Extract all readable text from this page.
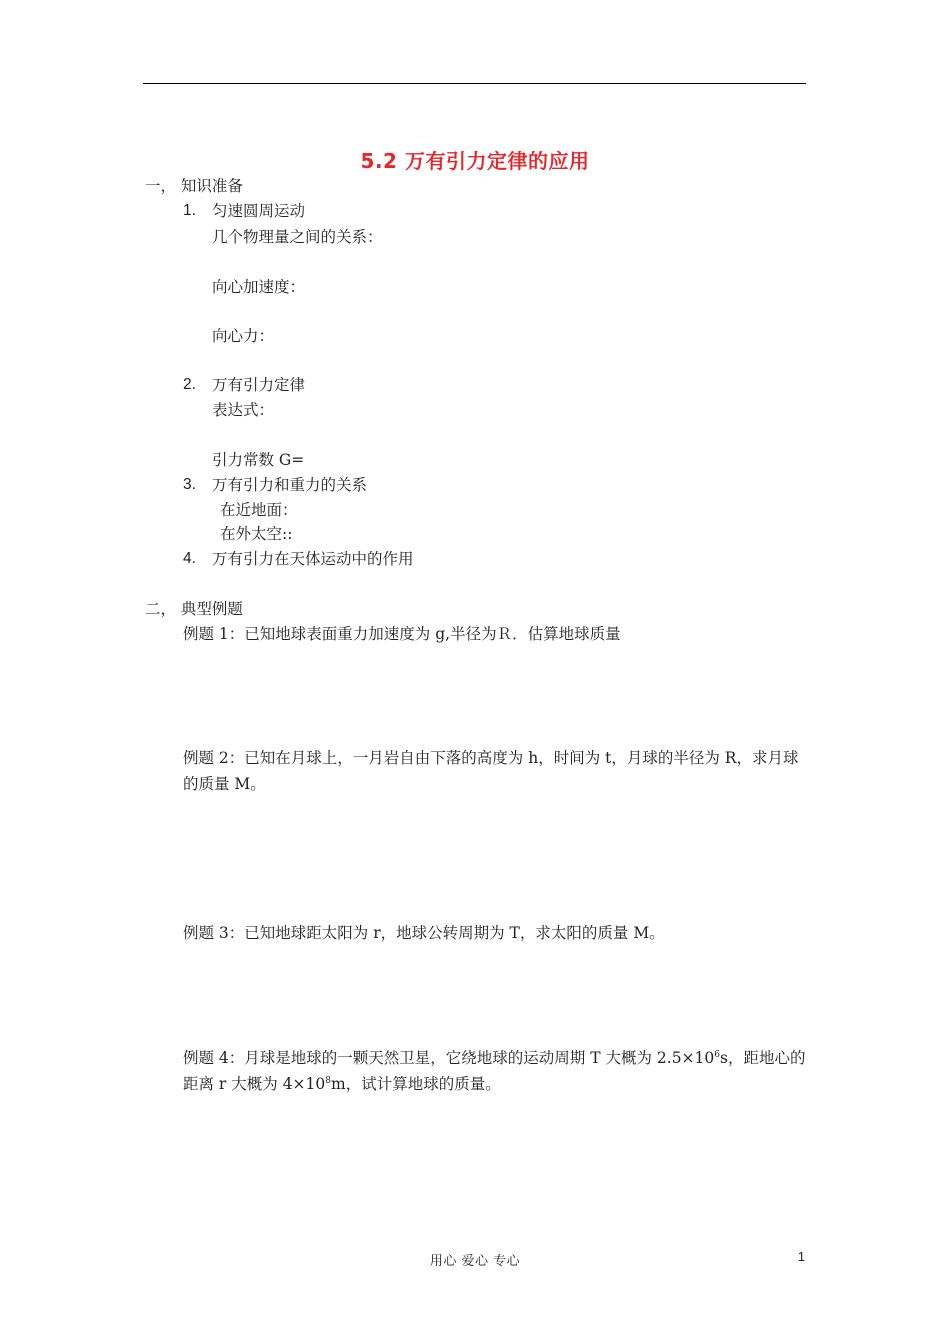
5.2 万有引力定律的应用
一， 知识准备
1. 匀速圆周运动
几个物理量之间的关系：
向心加速度：
向心力：
2. 万有引力定律
表达式：
引力常数 G=
3. 万有引力和重力的关系
在近地面：
在外太空::
4. 万有引力在天体运动中的作用
二， 典型例题
例题 1：已知地球表面重力加速度为 g,半径为Ｒ．估算地球质量
例题 2：已知在月球上，一月岩自由下落的高度为 h，时间为 t，月球的半径为 R，求月球的质量 M。
例题 3：已知地球距太阳为 r，地球公转周期为 T，求太阳的质量 M。
例题 4：月球是地球的一颗天然卫星，它绕地球的运动周期 T 大概为 $2.5\times 10^6s$，距地心的距离 r 大概为 $4\times 10^8m$，试计算地球的质量。
用心 爱心 专心	1
